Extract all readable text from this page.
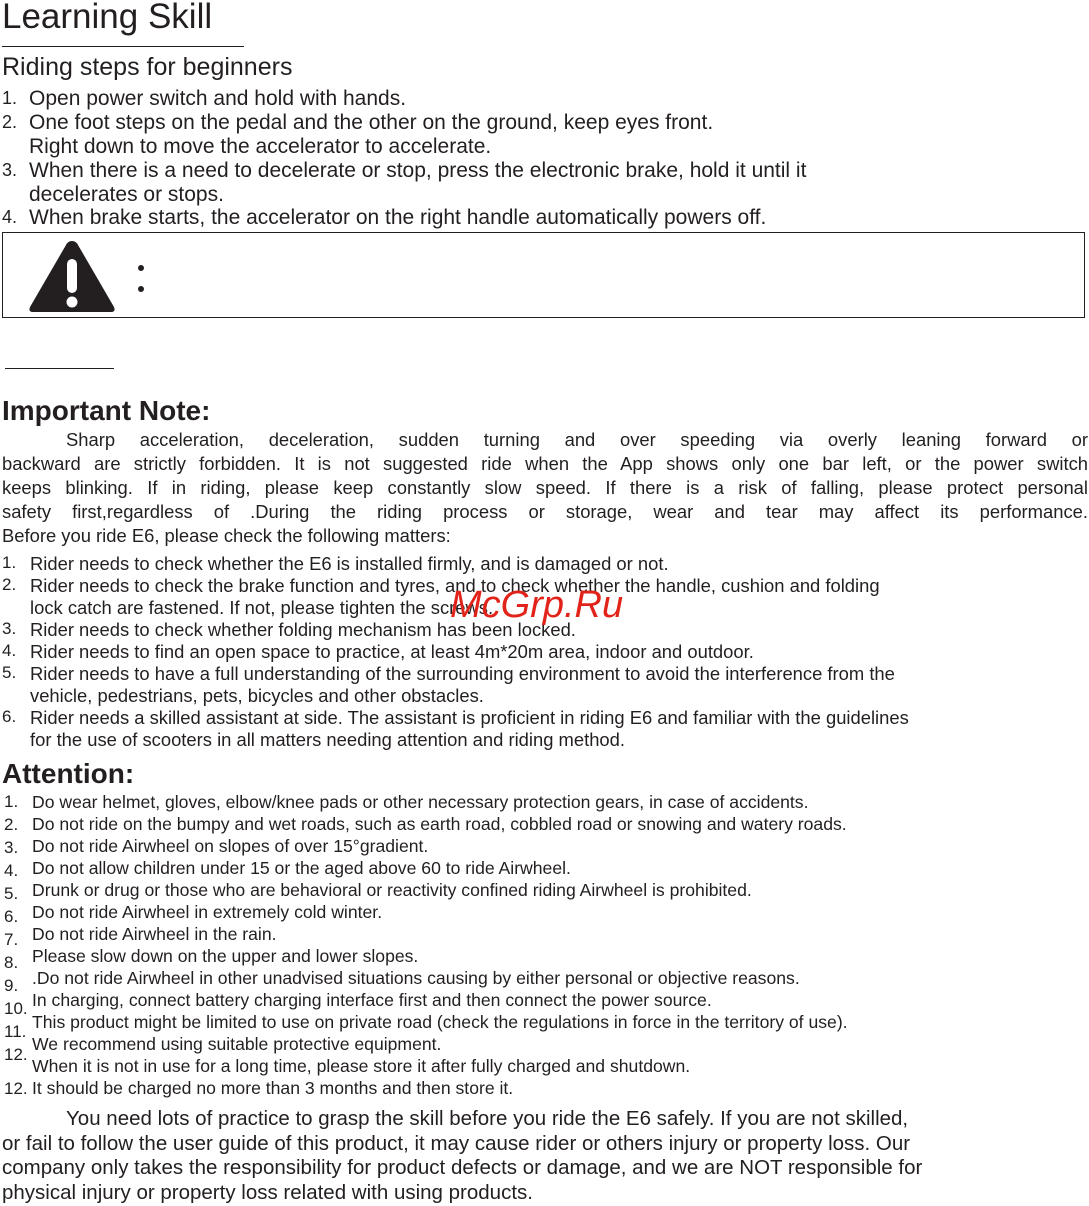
Learning Skill
Riding steps for beginners
1. Open power switch and hold with hands.
2. One foot steps on the pedal and the other on the ground, keep eyes front.
Right down to move the accelerator to accelerate.
3. When there is a need to decelerate or stop, press the electronic brake, hold it until it
decelerates or stops.
4. When brake starts, the accelerator on the right handle automatically powers off.
Important Note:

Sharp acceleration, deceleration, sudden turning and over speeding via overly leaning forward or

backward are strictly forbidden. It is not suggested ride when the App shows only one bar left, or the power switch

keeps blinking. If in riding, please keep constantly slow speed. If there is a risk of falling, please protect personal

safety first,regardless of .During the riding process or storage, wear and tear may affect its performance.

Before you ride E6, please check the following matters:

1. Rider needs to check whether the E6 is installed firmly, and is damaged or not.
2. Rider needs to check the brake function and tyres, and to check whether the handle, cushion and folding
lock catch are fastened. If not, please tighten the screws.
3. Rider needs to check whether folding mechanism has been locked.
4. Rider needs to find an open space to practice, at least 4m*20m area, indoor and outdoor.
5. Rider needs to have a full understanding of the surrounding environment to avoid the interference from the
vehicle, pedestrians, pets, bicycles and other obstacles.
6. Rider needs a skilled assistant at side. The assistant is proficient in riding E6 and familiar with the guidelines
for the use of scooters in all matters needing attention and riding method.
McGrp.Ru
Attention:
1. Do wear helmet, gloves, elbow/knee pads or other necessary protection gears, in case of accidents.
2. Do not ride on the bumpy and wet roads, such as earth road, cobbled road or snowing and watery roads.
3. Do not ride Airwheel on slopes of over 15°gradient.
4. Do not allow children under 15 or the aged above 60 to ride Airwheel.
5. Drunk or drug or those who are behavioral or reactivity confined riding Airwheel is prohibited.
6. Do not ride Airwheel in extremely cold winter.
7. Do not ride Airwheel in the rain.
8. Please slow down on the upper and lower slopes.
9. .Do not ride Airwheel in other unadvised situations causing by either personal or objective reasons.
10. In charging, connect battery charging interface first and then connect the power source.
11. This product might be limited to use on private road (check the regulations in force in the territory of use).
12.
We recommend using suitable protective equipment.
When it is not in use for a long time, please store it after fully charged and shutdown.
12. It should be charged no more than 3 months and then store it.

You need lots of practice to grasp the skill before you ride the E6 safely. If you are not skilled,

or fail to follow the user guide of this product, it may cause rider or others injury or property loss. Our

company only takes the responsibility for product defects or damage, and we are NOT responsible for

physical injury or property loss related with using products.
